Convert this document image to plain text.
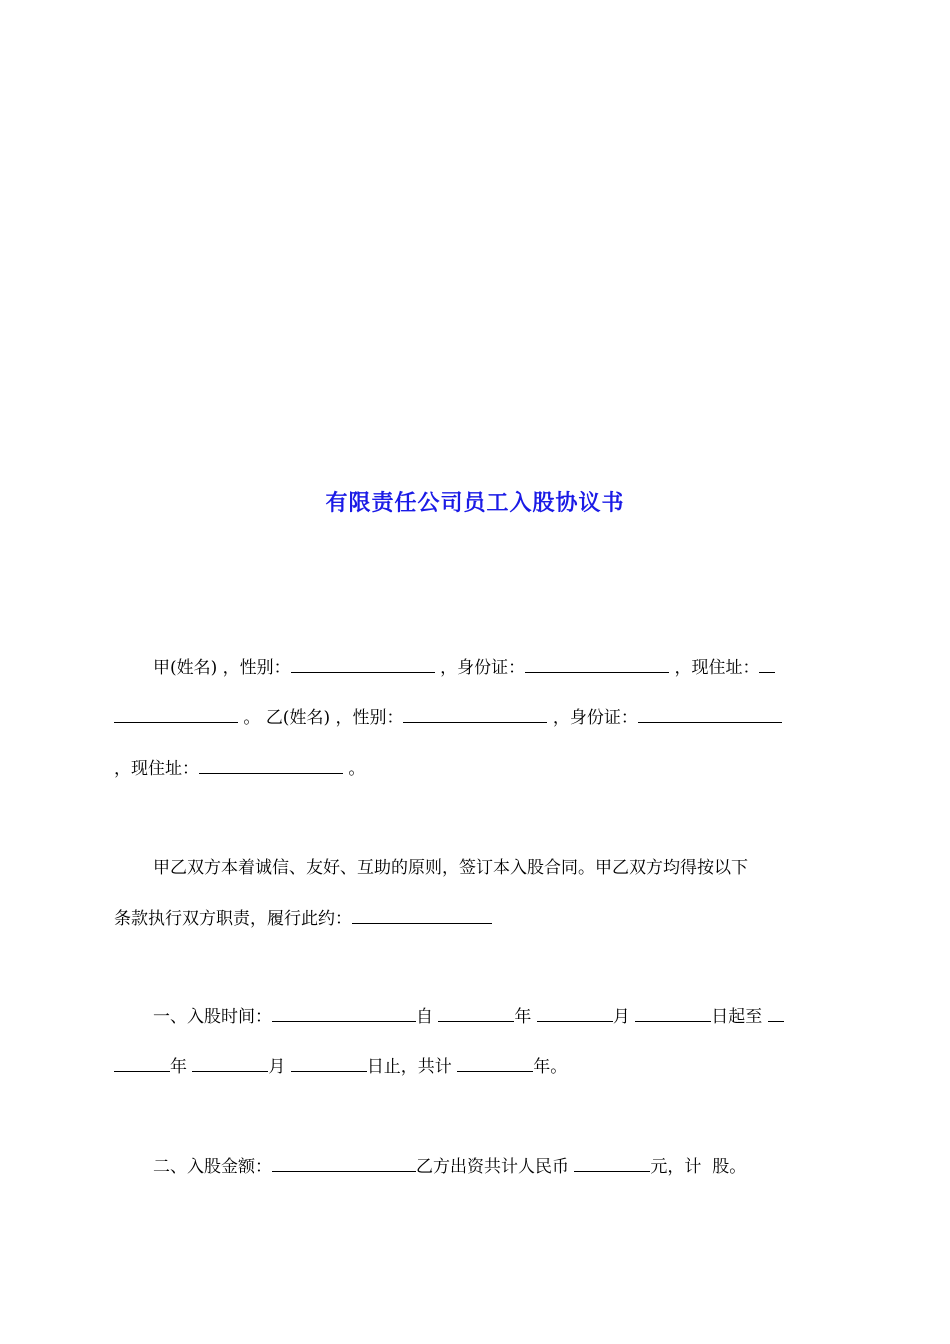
有限责任公司员工入股协议书
甲(姓名) ，性别：	，身份证：	，现住址：
。 乙(姓名) ，性别：	，身份证：
，现住址：	。
甲乙双方本着诚信、友好、互助的原则，签订本入股合同。甲乙双方均得按以下
条款执行双方职责，履行此约：
一、入股时间：	自	年	月	日起至
年	月	日止，共计	年。
二、入股金额：	乙方出资共计人民币	元，计  股。
